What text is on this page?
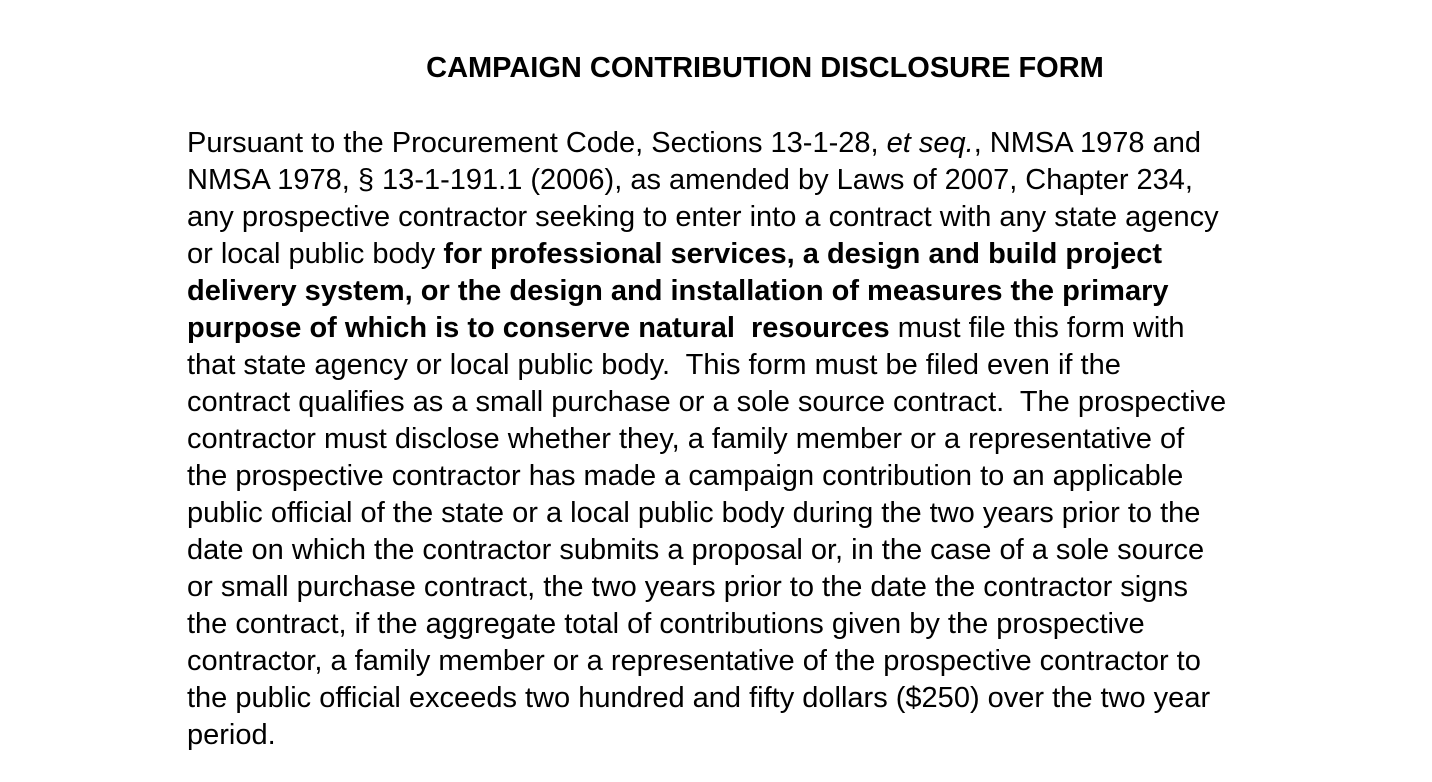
CAMPAIGN CONTRIBUTION DISCLOSURE FORM
Pursuant to the Procurement Code, Sections 13-1-28, et seq., NMSA 1978 and
NMSA 1978, § 13-1-191.1 (2006), as amended by Laws of 2007, Chapter 234,
any prospective contractor seeking to enter into a contract with any state agency
or local public body for professional services, a design and build project
delivery system, or the design and installation of measures the primary
purpose of which is to conserve natural  resources must file this form with
that state agency or local public body.  This form must be filed even if the
contract qualifies as a small purchase or a sole source contract.  The prospective
contractor must disclose whether they, a family member or a representative of
the prospective contractor has made a campaign contribution to an applicable
public official of the state or a local public body during the two years prior to the
date on which the contractor submits a proposal or, in the case of a sole source
or small purchase contract, the two years prior to the date the contractor signs
the contract, if the aggregate total of contributions given by the prospective
contractor, a family member or a representative of the prospective contractor to
the public official exceeds two hundred and fifty dollars ($250) over the two year
period.
